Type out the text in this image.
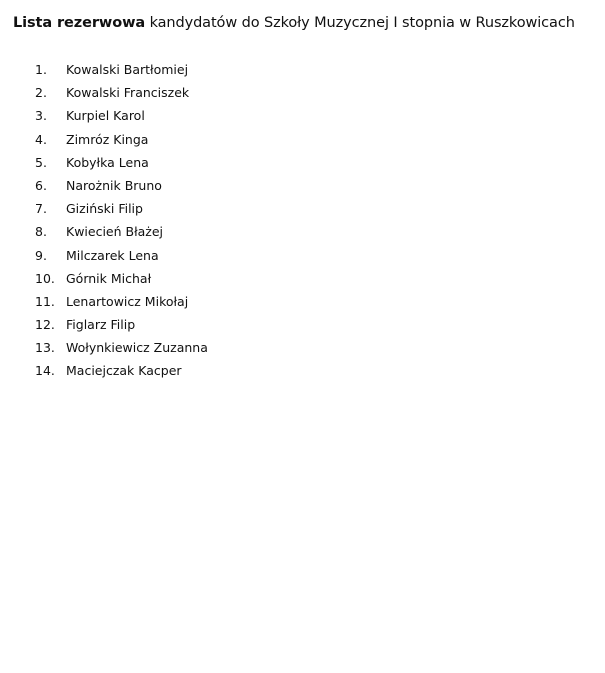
Lista rezerwowa kandydatów do Szkoły Muzycznej I stopnia w Ruszkowicach
1.	Kowalski Bartłomiej
2.	Kowalski Franciszek
3.	Kurpiel Karol
4.	Zimróz Kinga
5.	Kobyłka Lena
6.	Narożnik Bruno
7.	Giziński Filip
8.	Kwiecień Błażej
9.	Milczarek Lena
10. Górnik Michał
11. Lenartowicz Mikołaj
12. Figlarz Filip
13. Wołynkiewicz Zuzanna
14. Maciejczak Kacper
